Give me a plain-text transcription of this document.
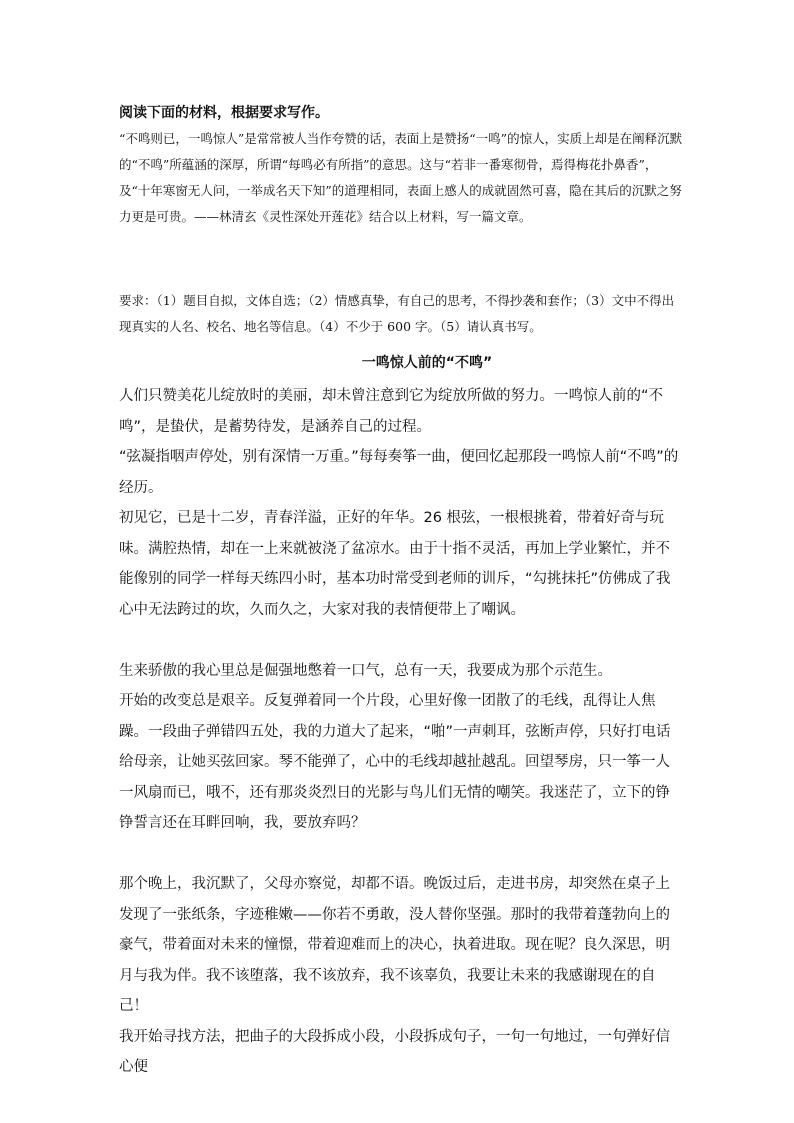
阅读下面的材料，根据要求写作。

“不鸣则已，一鸣惊人”是常常被人当作夸赞的话，表面上是赞扬“一鸣”的惊人，实质上却是在阐释沉默的“不鸣”所蕴涵的深厚，所谓“每鸣必有所指”的意思。这与“若非一番寒彻骨，焉得梅花扑鼻香”，及“十年寒窗无人问，一举成名天下知”的道理相同，表面上感人的成就固然可喜，隐在其后的沉默之努力更是可贵。——林清玄《灵性深处开莲花》结合以上材料，写一篇文章。

要求：（1）题目自拟，文体自选；（2）情感真挚，有自己的思考，不得抄袭和套作；（3）文中不得出现真实的人名、校名、地名等信息。（4）不少于 600 字。（5）请认真书写。

一鸣惊人前的“不鸣”

人们只赞美花儿绽放时的美丽，却未曾注意到它为绽放所做的努力。一鸣惊人前的“不鸣”，是蛰伏，是蓄势待发，是涵养自己的过程。

“弦凝指咽声停处，别有深情一万重。”每每奏筝一曲，便回忆起那段一鸣惊人前“不鸣”的经历。

初见它，已是十二岁，青春洋溢，正好的年华。26 根弦，一根根挑着，带着好奇与玩味。满腔热情，却在一上来就被浇了盆凉水。由于十指不灵活，再加上学业繁忙，并不能像别的同学一样每天练四小时，基本功时常受到老师的训斥，“勾挑抹托”仿佛成了我心中无法跨过的坎，久而久之，大家对我的表情便带上了嘲讽。

生来骄傲的我心里总是倔强地憋着一口气，总有一天，我要成为那个示范生。

开始的改变总是艰辛。反复弹着同一个片段，心里好像一团散了的毛线，乱得让人焦躁。一段曲子弹错四五处，我的力道大了起来，“啪”一声刺耳，弦断声停，只好打电话给母亲，让她买弦回家。琴不能弹了，心中的毛线却越扯越乱。回望琴房，只一筝一人一风扇而已，哦不，还有那炎炎烈日的光影与鸟儿们无情的嘲笑。我迷茫了，立下的铮铮誓言还在耳畔回响，我，要放弃吗？

那个晚上，我沉默了，父母亦察觉，却都不语。晚饭过后，走进书房，却突然在桌子上发现了一张纸条，字迹稚嫩——你若不勇敢，没人替你坚强。那时的我带着蓬勃向上的豪气，带着面对未来的憧憬，带着迎难而上的决心，执着进取。现在呢？良久深思，明月与我为伴。我不该堕落，我不该放弃，我不该辜负，我要让未来的我感谢现在的自己！

我开始寻找方法，把曲子的大段拆成小段，小段拆成句子，一句一句地过，一句弹好信心便
